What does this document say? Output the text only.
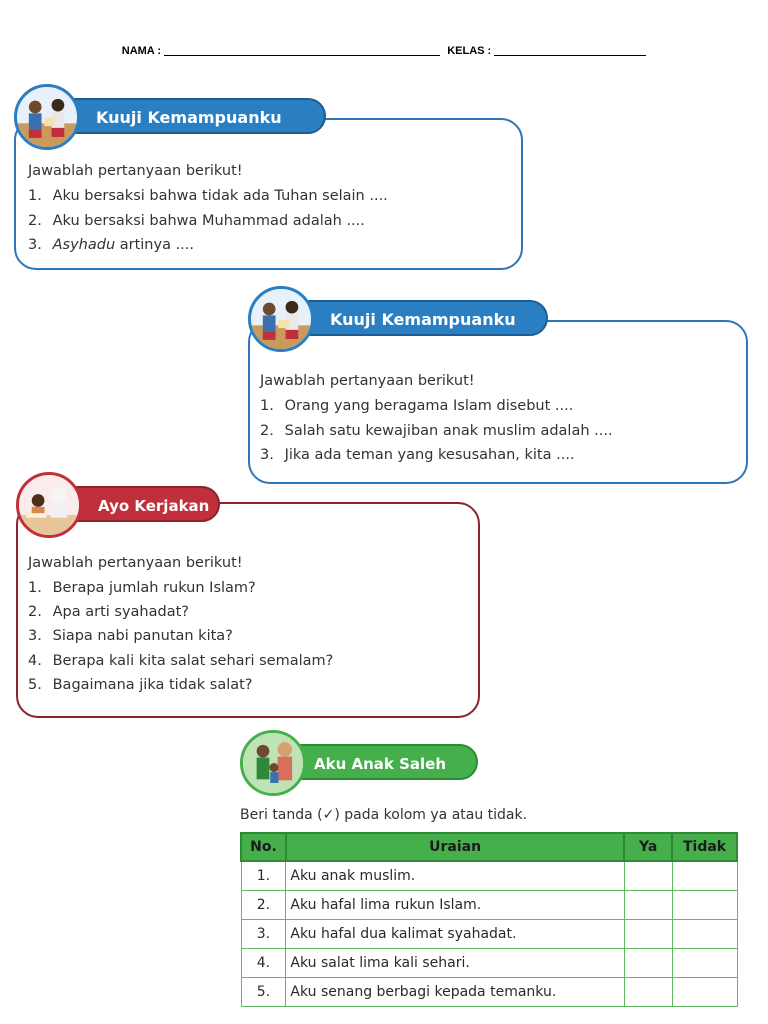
NAMA :	KELAS :
Kuuji Kemampuanku
Jawablah pertanyaan berikut!
1. Aku bersaksi bahwa tidak ada Tuhan selain ....
2. Aku bersaksi bahwa Muhammad adalah ....
3. Asyhadu artinya ....
Kuuji Kemampuanku
Jawablah pertanyaan berikut!
1. Orang yang beragama Islam disebut ....
2. Salah satu kewajiban anak muslim adalah ....
3. Jika ada teman yang kesusahan, kita ....
Ayo Kerjakan
Jawablah pertanyaan berikut!
1. Berapa jumlah rukun Islam?
2. Apa arti syahadat?
3. Siapa nabi panutan kita?
4. Berapa kali kita salat sehari semalam?
5. Bagaimana jika tidak salat?
Aku Anak Saleh
Beri tanda (✓) pada kolom ya atau tidak.
No.	Uraian	Ya	Tidak
1.	Aku anak muslim.		
2.	Aku hafal lima rukun Islam.		
3.	Aku hafal dua kalimat syahadat.		
4.	Aku salat lima kali sehari.		
5.	Aku senang berbagi kepada temanku.		
